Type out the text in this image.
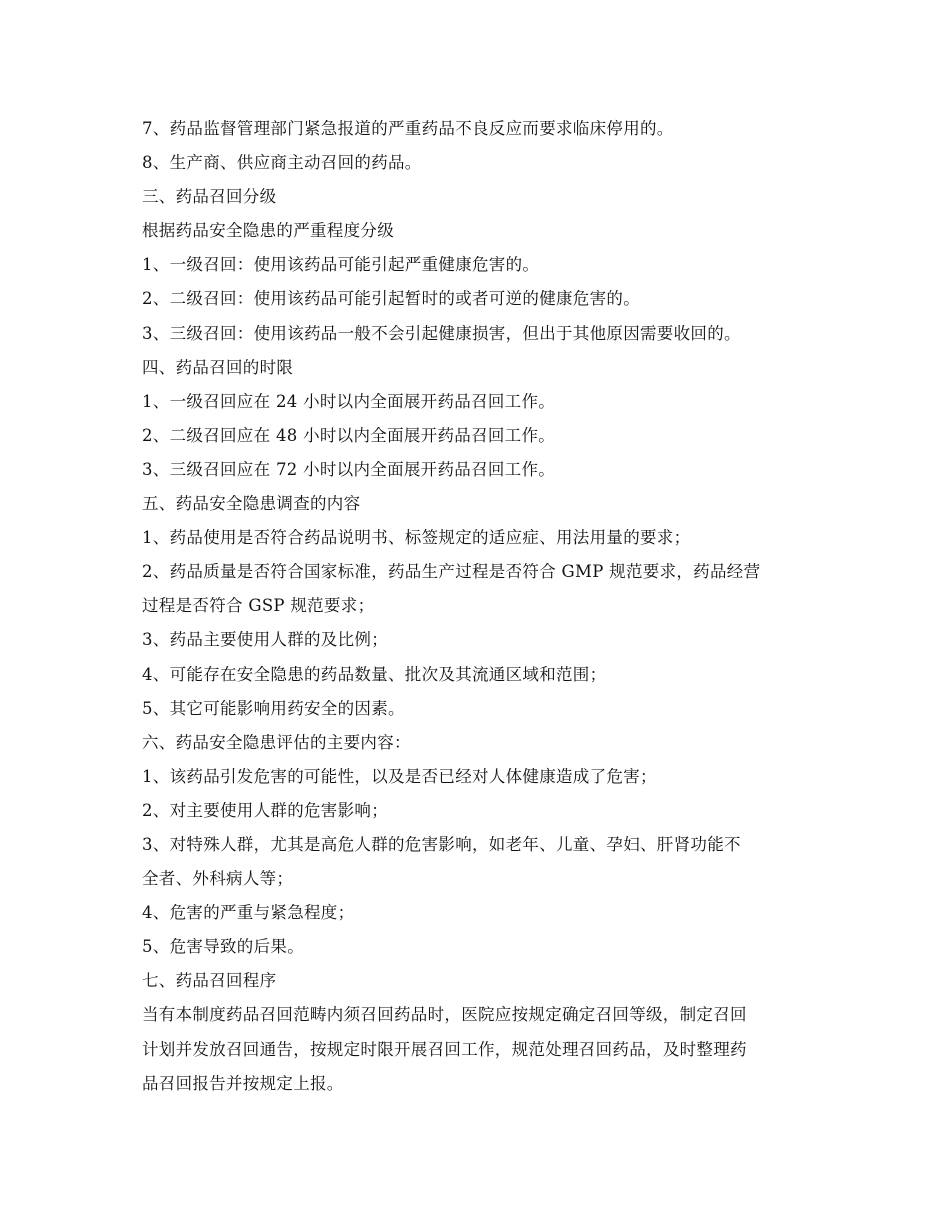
7、药品监督管理部门紧急报道的严重药品不良反应而要求临床停用的。
8、生产商、供应商主动召回的药品。
三、药品召回分级
根据药品安全隐患的严重程度分级
1、一级召回：使用该药品可能引起严重健康危害的。
2、二级召回：使用该药品可能引起暂时的或者可逆的健康危害的。
3、三级召回：使用该药品一般不会引起健康损害，但出于其他原因需要收回的。
四、药品召回的时限
1、一级召回应在 24 小时以内全面展开药品召回工作。
2、二级召回应在 48 小时以内全面展开药品召回工作。
3、三级召回应在 72 小时以内全面展开药品召回工作。
五、药品安全隐患调查的内容
1、药品使用是否符合药品说明书、标签规定的适应症、用法用量的要求；
2、药品质量是否符合国家标准，药品生产过程是否符合 GMP 规范要求，药品经营
过程是否符合 GSP 规范要求；
3、药品主要使用人群的及比例；
4、可能存在安全隐患的药品数量、批次及其流通区域和范围；
5、其它可能影响用药安全的因素。
六、药品安全隐患评估的主要内容：
1、该药品引发危害的可能性，以及是否已经对人体健康造成了危害；
2、对主要使用人群的危害影响；
3、对特殊人群，尤其是高危人群的危害影响，如老年、儿童、孕妇、肝肾功能不
全者、外科病人等；
4、危害的严重与紧急程度；
5、危害导致的后果。
七、药品召回程序
当有本制度药品召回范畴内须召回药品时，医院应按规定确定召回等级，制定召回
计划并发放召回通告，按规定时限开展召回工作，规范处理召回药品，及时整理药
品召回报告并按规定上报。
